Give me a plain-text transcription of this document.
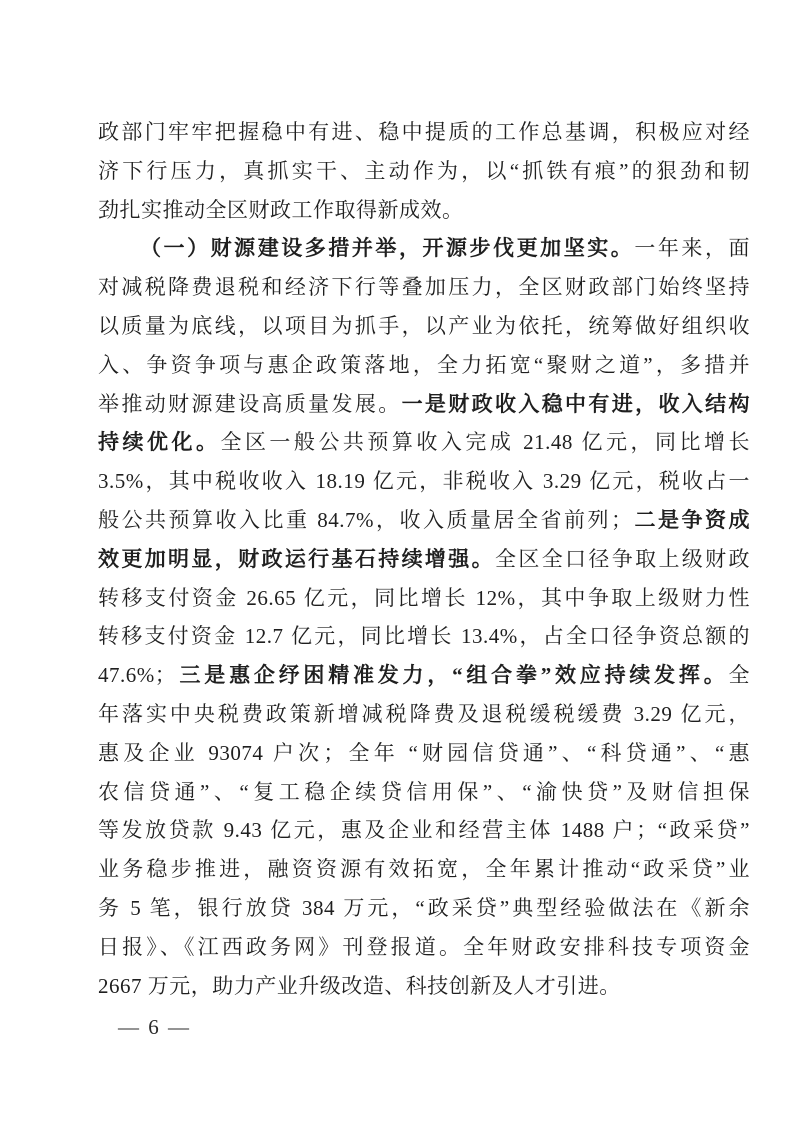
政部门牢牢把握稳中有进、稳中提质的工作总基调，积极应对经
济下行压力，真抓实干、主动作为，以“抓铁有痕”的狠劲和韧
劲扎实推动全区财政工作取得新成效。
（一）财源建设多措并举，开源步伐更加坚实。一年来，面
对减税降费退税和经济下行等叠加压力，全区财政部门始终坚持
以质量为底线，以项目为抓手，以产业为依托，统筹做好组织收
入、争资争项与惠企政策落地，全力拓宽“聚财之道”，多措并
举推动财源建设高质量发展。一是财政收入稳中有进，收入结构
持续优化。全区一般公共预算收入完成 21.48 亿元，同比增长
3.5%，其中税收收入 18.19 亿元，非税收入 3.29 亿元，税收占一
般公共预算收入比重 84.7%，收入质量居全省前列；二是争资成
效更加明显，财政运行基石持续增强。全区全口径争取上级财政
转移支付资金 26.65 亿元，同比增长 12%，其中争取上级财力性
转移支付资金 12.7 亿元，同比增长 13.4%，占全口径争资总额的
47.6%；三是惠企纾困精准发力，“组合拳”效应持续发挥。全
年落实中央税费政策新增减税降费及退税缓税缓费 3.29 亿元，
惠及企业 93074 户次；全年 “财园信贷通”、“科贷通”、“惠
农信贷通”、“复工稳企续贷信用保”、“渝快贷”及财信担保
等发放贷款 9.43 亿元，惠及企业和经营主体 1488 户；“政采贷”
业务稳步推进，融资资源有效拓宽，全年累计推动“政采贷”业
务 5 笔，银行放贷 384 万元，“政采贷”典型经验做法在《新余
日报》、《江西政务网》刊登报道。全年财政安排科技专项资金
2667 万元，助力产业升级改造、科技创新及人才引进。
— 6 —
